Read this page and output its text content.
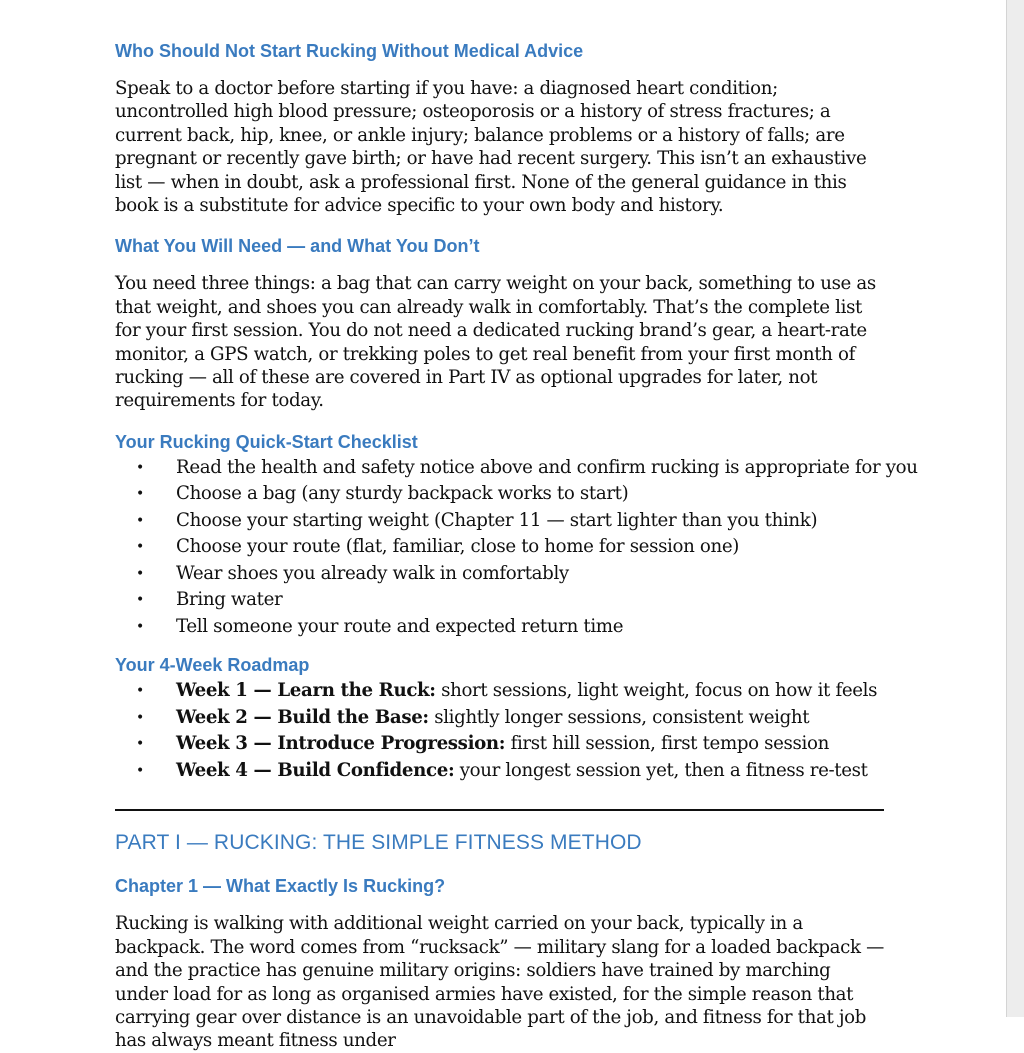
Who Should Not Start Rucking Without Medical Advice

Speak to a doctor before starting if you have: a diagnosed heart condition; uncontrolled high blood pressure; osteoporosis or a history of stress fractures; a current back, hip, knee, or ankle injury; balance problems or a history of falls; are pregnant or recently gave birth; or have had recent surgery. This isn’t an exhaustive list — when in doubt, ask a professional first. None of the general guidance in this book is a substitute for advice specific to your own body and history.

What You Will Need — and What You Don’t

You need three things: a bag that can carry weight on your back, something to use as that weight, and shoes you can already walk in comfortably. That’s the complete list for your first session. You do not need a dedicated rucking brand’s gear, a heart-rate monitor, a GPS watch, or trekking poles to get real benefit from your first month of rucking — all of these are covered in Part IV as optional upgrades for later, not requirements for today.

Your Rucking Quick-Start Checklist
• Read the health and safety notice above and confirm rucking is appropriate for you
• Choose a bag (any sturdy backpack works to start)
• Choose your starting weight (Chapter 11 — start lighter than you think)
• Choose your route (flat, familiar, close to home for session one)
• Wear shoes you already walk in comfortably
• Bring water
• Tell someone your route and expected return time
Your 4-Week Roadmap
• Week 1 — Learn the Ruck: short sessions, light weight, focus on how it feels
• Week 2 — Build the Base: slightly longer sessions, consistent weight
• Week 3 — Introduce Progression: first hill session, first tempo session
• Week 4 — Build Confidence: your longest session yet, then a fitness re-test
PART I — RUCKING: THE SIMPLE FITNESS METHOD
Chapter 1 — What Exactly Is Rucking?

Rucking is walking with additional weight carried on your back, typically in a backpack. The word comes from “rucksack” — military slang for a loaded backpack — and the practice has genuine military origins: soldiers have trained by marching under load for as long as organised armies have existed, for the simple reason that carrying gear over distance is an unavoidable part of the job, and fitness for that job has always meant fitness under
